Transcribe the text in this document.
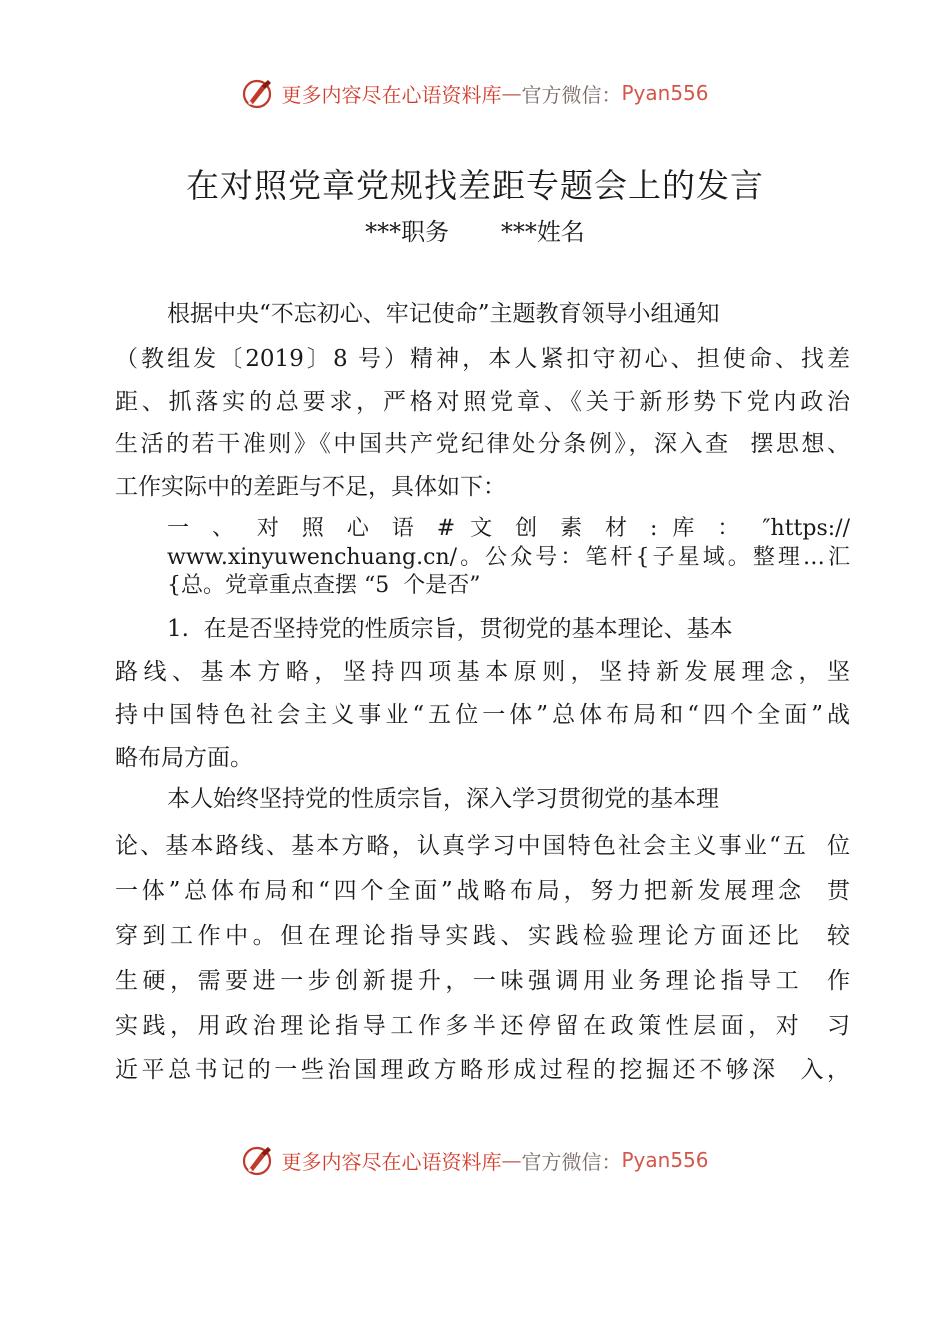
更多内容尽在心语资料库 — 官方微信： Pyan556
在对照党章党规找差距专题会上的发言
***职务 ***姓名
根据中央“不忘初心、牢记使命”主题教育领导小组通知
（教组发〔2019〕8 号）精神，本人紧扣守初心、担使命、找差
距、抓落实的总要求，严格对照党章、《关于新形势下党内政治
生活的若干准则》《中国共产党纪律处分条例》，深入查  摆思想、
工作实际中的差距与不足，具体如下：
一 、 对 照 心 语 # 文 创 素 材 : 库 ： ″https://
www.xinyuwenchuang.cn/。公众号：笔杆{子星域。整理…汇
{总。党章重点查摆 “5  个是否”
1.  在是否坚持党的性质宗旨，贯彻党的基本理论、基本
路线、基本方略，坚持四项基本原则，坚持新发展理念，坚
持中国特色社会主义事业“五位一体”总体布局和“四个全面”战
略布局方面。
本人始终坚持党的性质宗旨，深入学习贯彻党的基本理
论、基本路线、基本方略，认真学习中国特色社会主义事业“五  位
一体”总体布局和“四个全面”战略布局，努力把新发展理念  贯
穿到工作中。但在理论指导实践、实践检验理论方面还比  较
生硬，需要进一步创新提升，一味强调用业务理论指导工  作
实践，用政治理论指导工作多半还停留在政策性层面，对  习
近平总书记的一些治国理政方略形成过程的挖掘还不够深  入，
更多内容尽在心语资料库 — 官方微信： Pyan556
